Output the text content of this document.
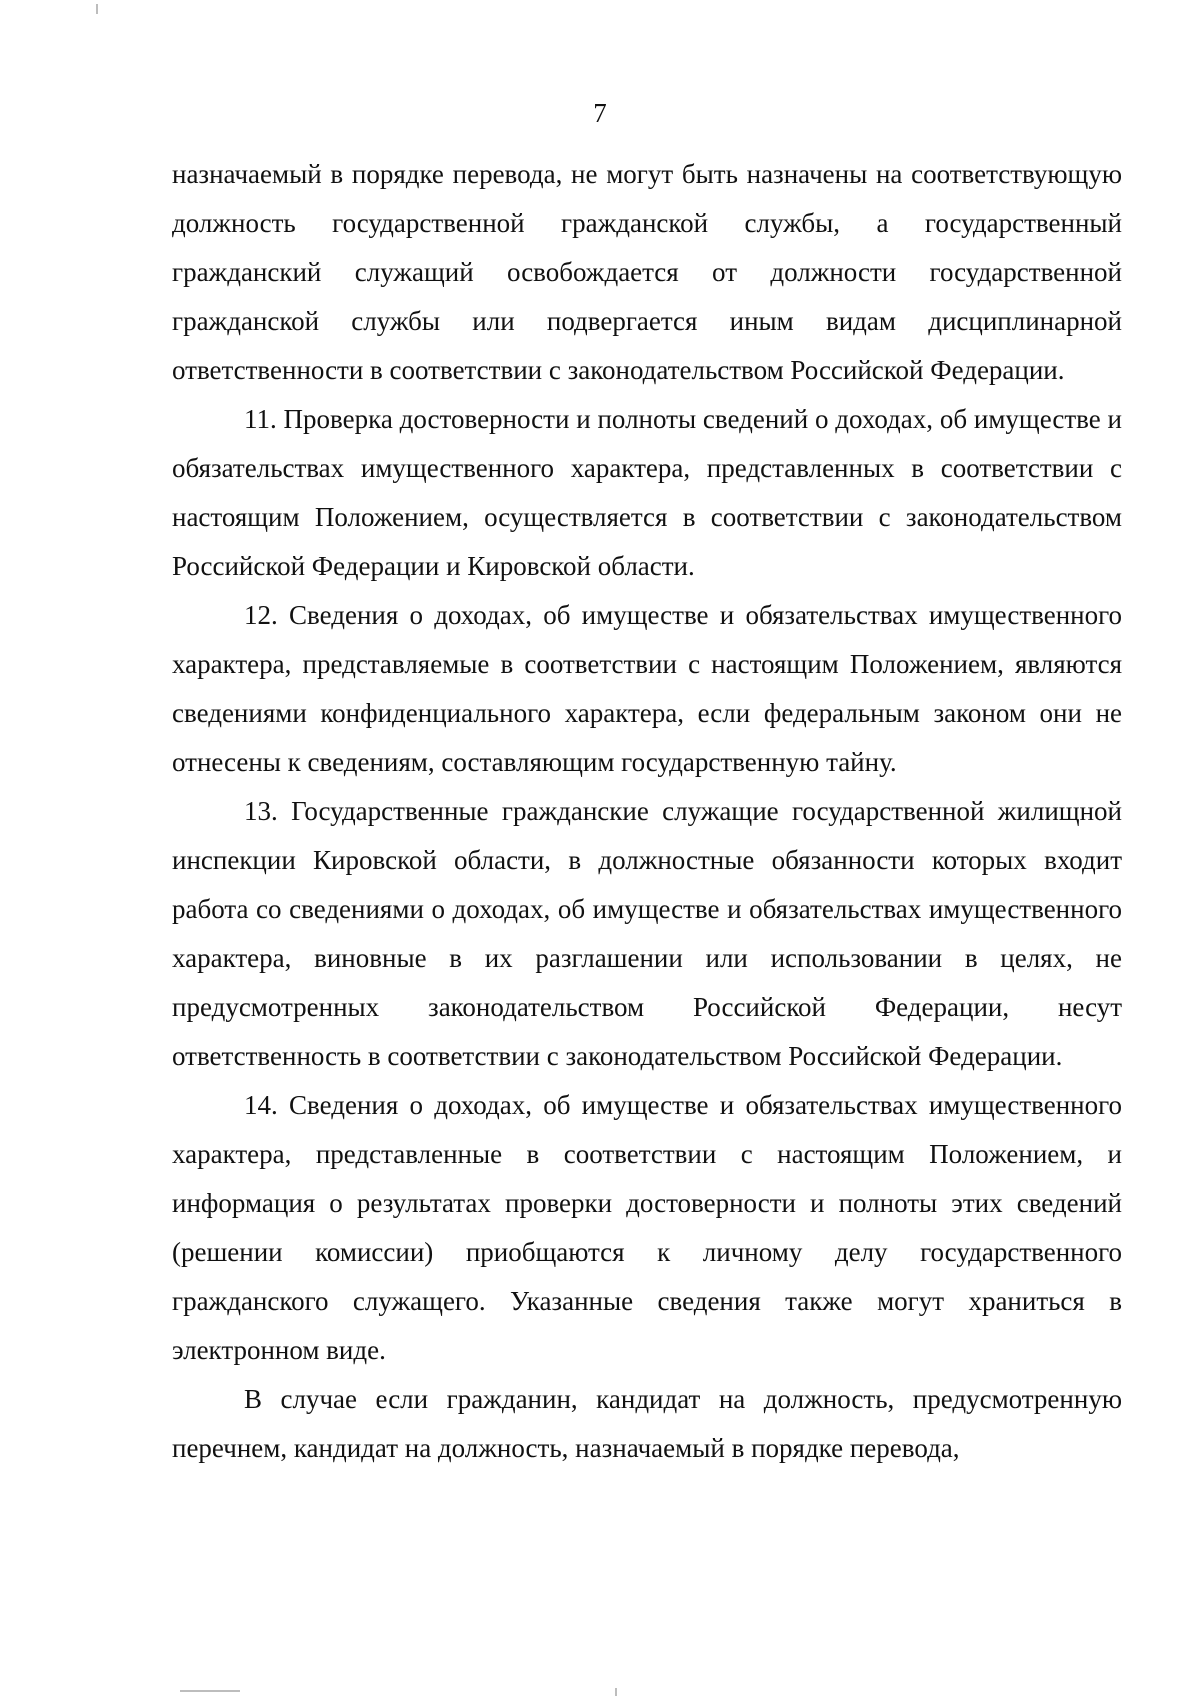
7

назначаемый в порядке перевода, не могут быть назначены на соответствующую должность государственной гражданской службы, а государственный гражданский служащий освобождается от должности государственной гражданской службы или подвергается иным видам дисциплинарной ответственности в соответствии с законодательством Российской Федерации.

11. Проверка достоверности и полноты сведений о доходах, об имуществе и обязательствах имущественного характера, представленных в соответствии с настоящим Положением, осуществляется в соответствии с законодательством Российской Федерации и Кировской области.

12. Сведения о доходах, об имуществе и обязательствах имущественного характера, представляемые в соответствии с настоящим Положением, являются сведениями конфиденциального характера, если федеральным законом они не отнесены к сведениям, составляющим государственную тайну.

13. Государственные гражданские служащие государственной жилищной инспекции Кировской области, в должностные обязанности которых входит работа со сведениями о доходах, об имуществе и обязательствах имущественного характера, виновные в их разглашении или использовании в целях, не предусмотренных законодательством Российской Федерации, несут ответственность в соответствии с законодательством Российской Федерации.

14. Сведения о доходах, об имуществе и обязательствах имущественного характера, представленные в соответствии с настоящим Положением, и информация о результатах проверки достоверности и полноты этих сведений (решении комиссии) приобщаются к личному делу государственного гражданского служащего. Указанные сведения также могут храниться в электронном виде.

В случае если гражданин, кандидат на должность, предусмотренную перечнем, кандидат на должность, назначаемый в порядке перевода,
